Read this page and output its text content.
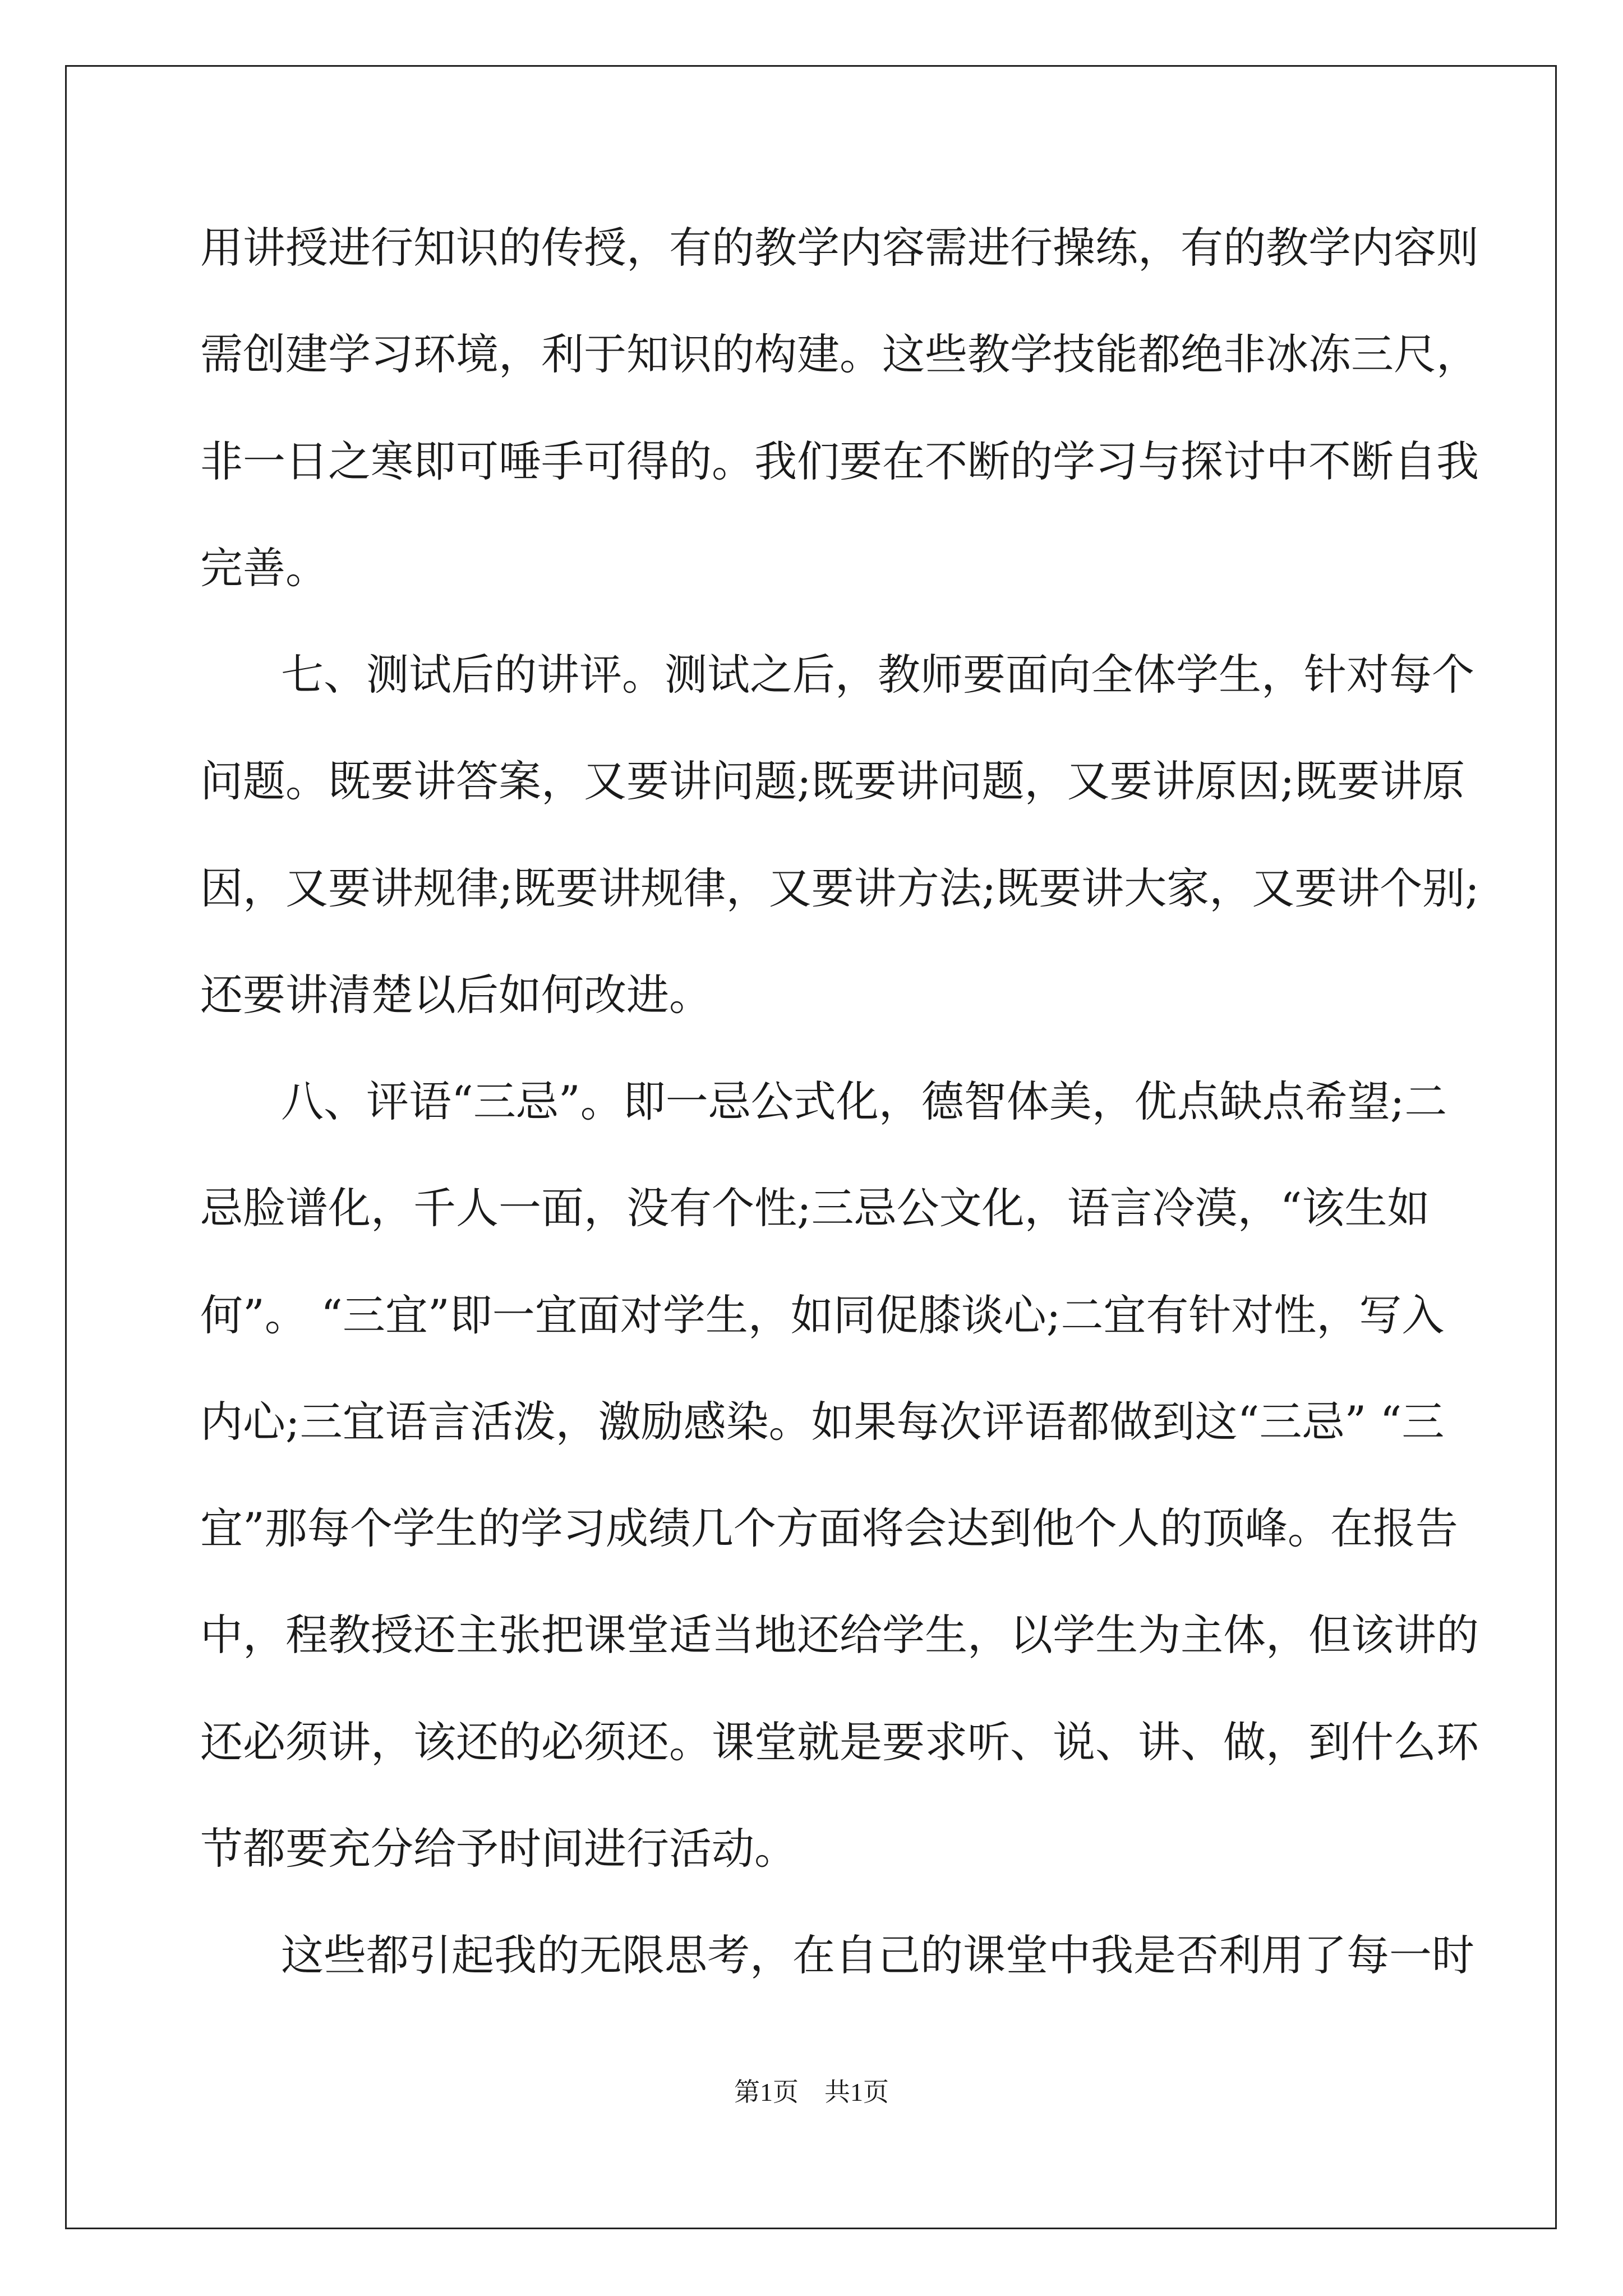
用讲授进行知识的传授，有的教学内容需进行操练，有的教学内容则
需创建学习环境，利于知识的构建。这些教学技能都绝非冰冻三尺，
非一日之寒即可唾手可得的。我们要在不断的学习与探讨中不断自我
完善。
七、测试后的讲评。测试之后，教师要面向全体学生，针对每个
问题。既要讲答案，又要讲问题;既要讲问题，又要讲原因;既要讲原
因，又要讲规律;既要讲规律，又要讲方法;既要讲大家，又要讲个别;
还要讲清楚以后如何改进。
八、评语“三忌”。即一忌公式化，德智体美，优点缺点希望;二
忌脸谱化，千人一面，没有个性;三忌公文化，语言冷漠，“该生如
何”。 “三宜”即一宜面对学生，如同促膝谈心;二宜有针对性，写入
内心;三宜语言活泼，激励感染。如果每次评语都做到这“三忌” “三
宜”那每个学生的学习成绩几个方面将会达到他个人的顶峰。在报告
中，程教授还主张把课堂适当地还给学生，以学生为主体，但该讲的
还必须讲，该还的必须还。课堂就是要求听、说、讲、做，到什么环
节都要充分给予时间进行活动。
这些都引起我的无限思考，在自己的课堂中我是否利用了每一时
第1页　共1页
